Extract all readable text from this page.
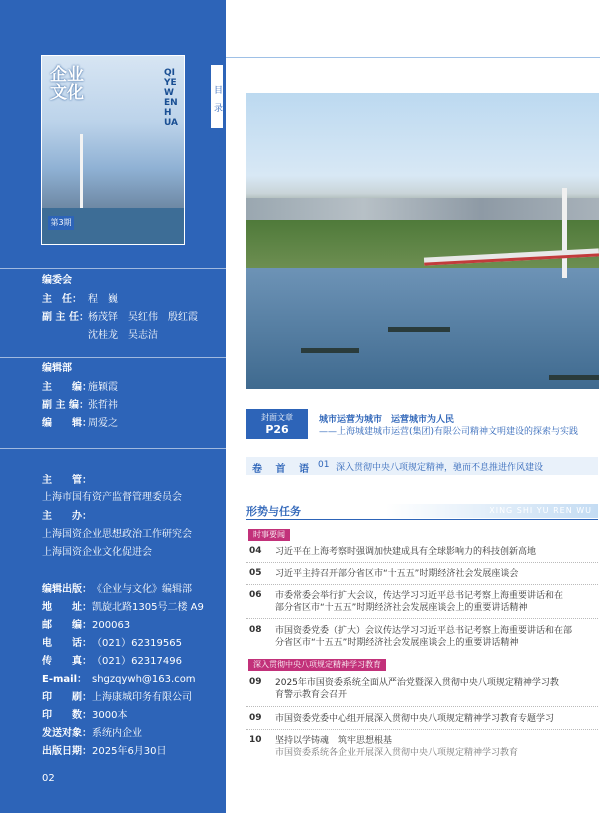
企业
文化
QI YE WEN HUA
第3期
编委会
主　任： 程　巍
副 主 任： 杨茂铎　吴红伟　殷红霞
沈桂龙　吴志洁
编辑部
主　　编：
施颖霞
副 主 编： 张哲祎
编　　辑：
周爱之
主　　管：
上海市国有资产监督管理委员会
主　　办：
上海国资企业思想政治工作研究会
上海国资企业文化促进会
编辑出版： 《企业与文化》编辑部
地　　址： 凯旋北路1305号二楼 A9
邮　　编： 200063
电　　话： （021）62319565
传　　真： （021）62317496
E-mail： shgzqywh@163.com
印　　刷： 上海康城印务有限公司
印　　数： 3000本
发送对象： 系统内企业
出版日期： 2025年6月30日
02
目　录
MU LU
封面文章
P26
城市运营为城市　运营城市为人民
——上海城建城市运营(集团)有限公司精神文明建设的探索与实践
卷 首 语 01 深入贯彻中央八项规定精神，驰而不息推进作风建设
形势与任务	XING SHI YU REN WU
时事要闻
04 习近平在上海考察时强调加快建成具有全球影响力的科技创新高地
05 习近平主持召开部分省区市“十五五”时期经济社会发展座谈会
06 市委常委会举行扩大会议，传达学习习近平总书记考察上海重要讲话和在
部分省区市“十五五”时期经济社会发展座谈会上的重要讲话精神
08 市国资委党委（扩大）会议传达学习习近平总书记考察上海重要讲话和在部
分省区市“十五五”时期经济社会发展座谈会上的重要讲话精神
深入贯彻中央八项规定精神学习教育
09 2025年市国资委系统全面从严治党暨深入贯彻中央八项规定精神学习教
育警示教育会召开
09 市国资委党委中心组开展深入贯彻中央八项规定精神学习教育专题学习
10 坚持以学铸魂　筑牢思想根基
市国资委系统各企业开展深入贯彻中央八项规定精神学习教育
